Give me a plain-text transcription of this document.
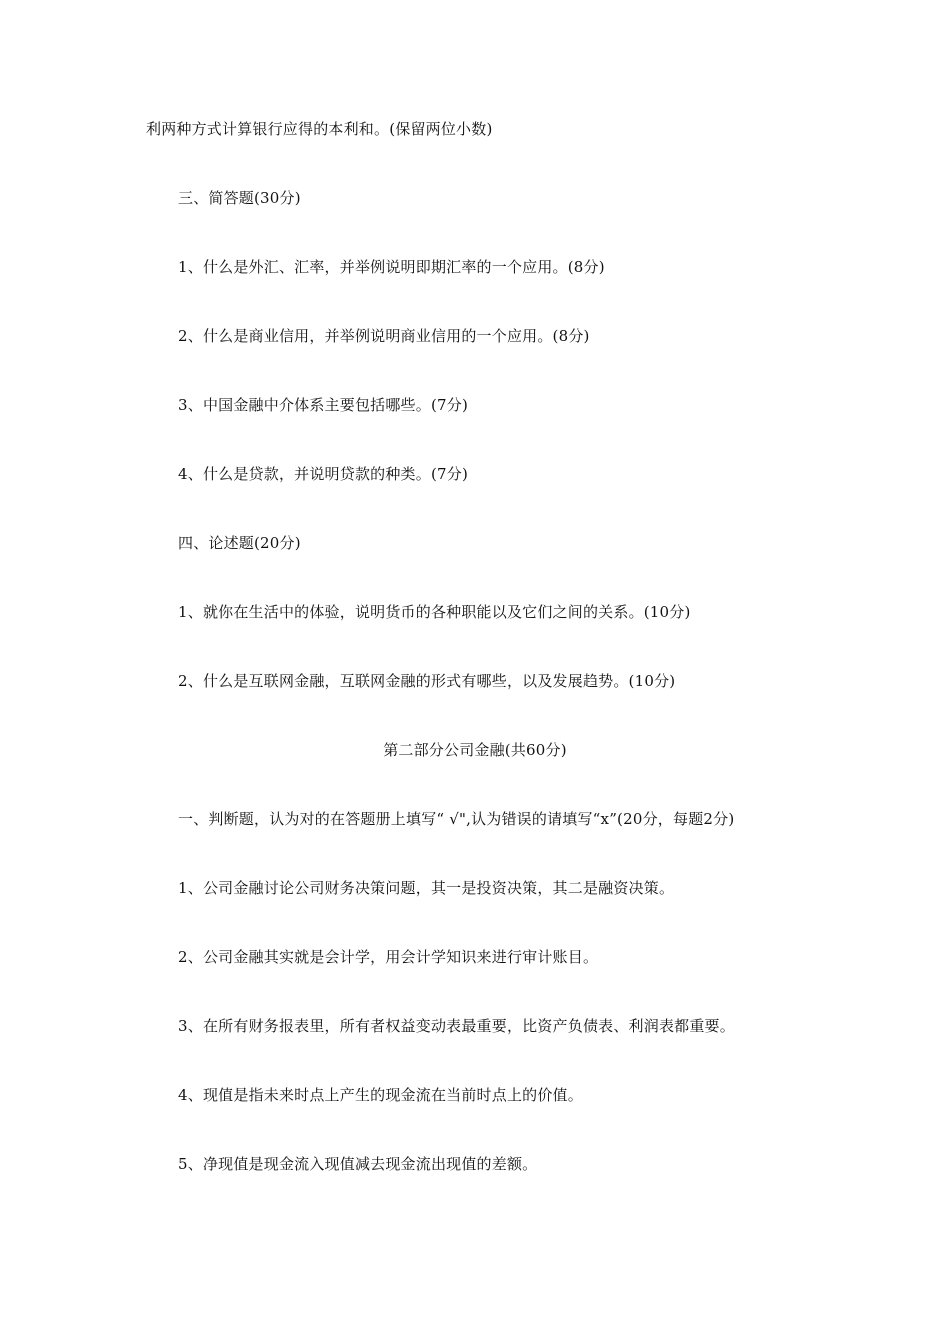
利两种方式计算银行应得的本利和。(保留两位小数)
三、简答题(30分)
1、什么是外汇、汇率，并举例说明即期汇率的一个应用。(8分)
2、什么是商业信用，并举例说明商业信用的一个应用。(8分)
3、中国金融中介体系主要包括哪些。(7分)
4、什么是贷款，并说明贷款的种类。(7分)
四、论述题(20分)
1、就你在生活中的体验，说明货币的各种职能以及它们之间的关系。(10分)
2、什么是互联网金融，互联网金融的形式有哪些，以及发展趋势。(10分)
第二部分公司金融(共60分)
一、判断题，认为对的在答题册上填写“ √",认为错误的请填写“x”(20分，每题2分)
1、公司金融讨论公司财务决策问题，其一是投资决策，其二是融资决策。
2、公司金融其实就是会计学，用会计学知识来进行审计账目。
3、在所有财务报表里，所有者权益变动表最重要，比资产负债表、利润表都重要。
4、现值是指未来时点上产生的现金流在当前时点上的价值。
5、净现值是现金流入现值减去现金流出现值的差额。
